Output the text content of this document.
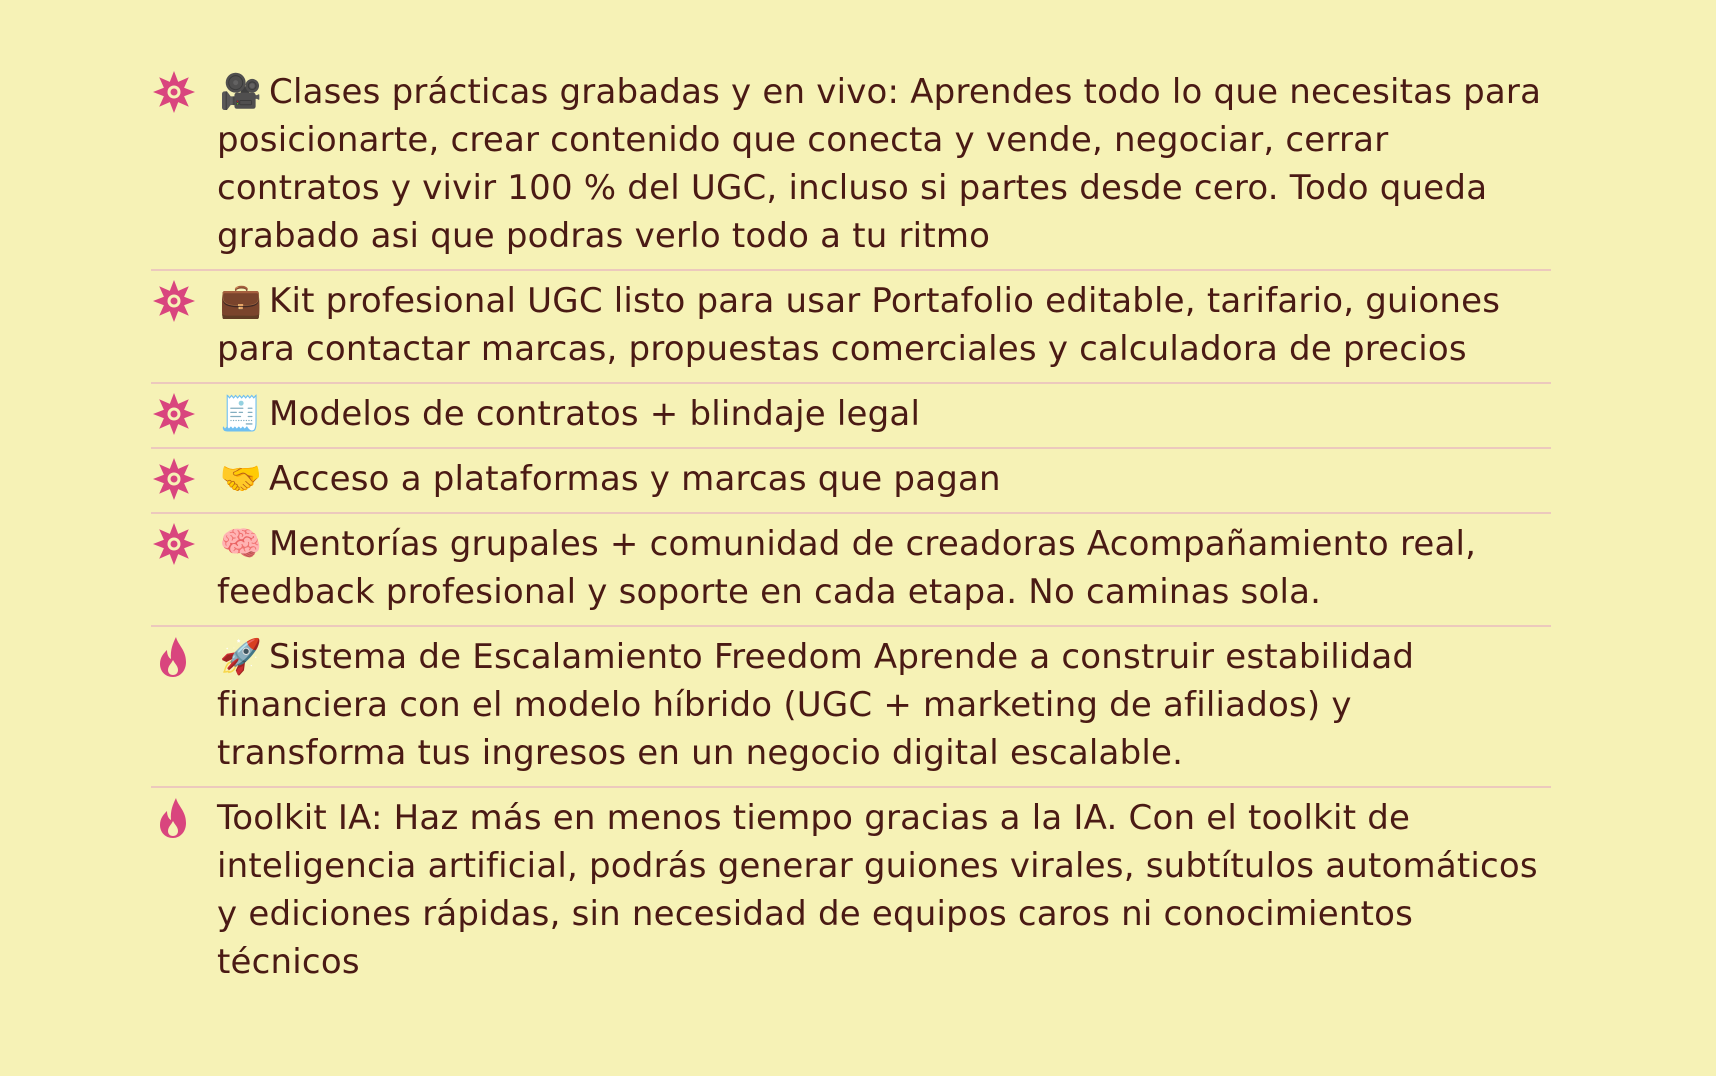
🎥 Clases prácticas grabadas y en vivo: Aprendes todo lo que necesitas para posicionarte, crear contenido que conecta y vende, negociar, cerrar contratos y vivir 100 % del UGC, incluso si partes desde cero. Todo queda grabado asi que podras verlo todo a tu ritmo
💼 Kit profesional UGC listo para usar Portafolio editable, tarifario, guiones para contactar marcas, propuestas comerciales y calculadora de precios
🧾 Modelos de contratos + blindaje legal
🤝 Acceso a plataformas y marcas que pagan
🧠 Mentorías grupales + comunidad de creadoras Acompañamiento real, feedback profesional y soporte en cada etapa. No caminas sola.
🚀 Sistema de Escalamiento Freedom Aprende a construir estabilidad financiera con el modelo híbrido (UGC + marketing de afiliados) y transforma tus ingresos en un negocio digital escalable.
Toolkit IA: Haz más en menos tiempo gracias a la IA. Con el toolkit de inteligencia artificial, podrás generar guiones virales, subtítulos automáticos y ediciones rápidas, sin necesidad de equipos caros ni conocimientos técnicos
